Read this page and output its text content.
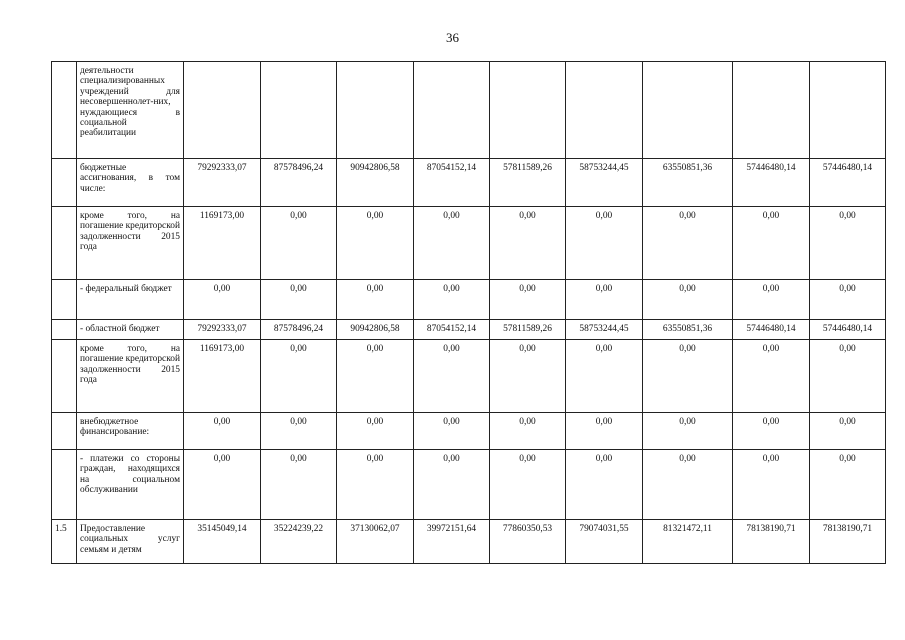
36
	деятельности специализированных учреждений для несовершеннолет-них, нуждающиеся в социальной реабилитации									
	бюджетные ассигнования, в том числе:	79292333,07	87578496,24	90942806,58	87054152,14	57811589,26	58753244,45	63550851,36	57446480,14	57446480,14
	кроме того, на погашение кредиторской задолженности 2015 года	1169173,00	0,00	0,00	0,00	0,00	0,00	0,00	0,00	0,00
	- федеральный бюджет	0,00	0,00	0,00	0,00	0,00	0,00	0,00	0,00	0,00
	- областной бюджет	79292333,07	87578496,24	90942806,58	87054152,14	57811589,26	58753244,45	63550851,36	57446480,14	57446480,14
	кроме того, на погашение кредиторской задолженности 2015 года	1169173,00	0,00	0,00	0,00	0,00	0,00	0,00	0,00	0,00
	внебюджетное финансирование:	0,00	0,00	0,00	0,00	0,00	0,00	0,00	0,00	0,00
	- платежи со стороны граждан, находящихся на социальном обслуживании	0,00	0,00	0,00	0,00	0,00	0,00	0,00	0,00	0,00
1.5	Предоставление социальных услуг семьям и детям	35145049,14	35224239,22	37130062,07	39972151,64	77860350,53	79074031,55	81321472,11	78138190,71	78138190,71
